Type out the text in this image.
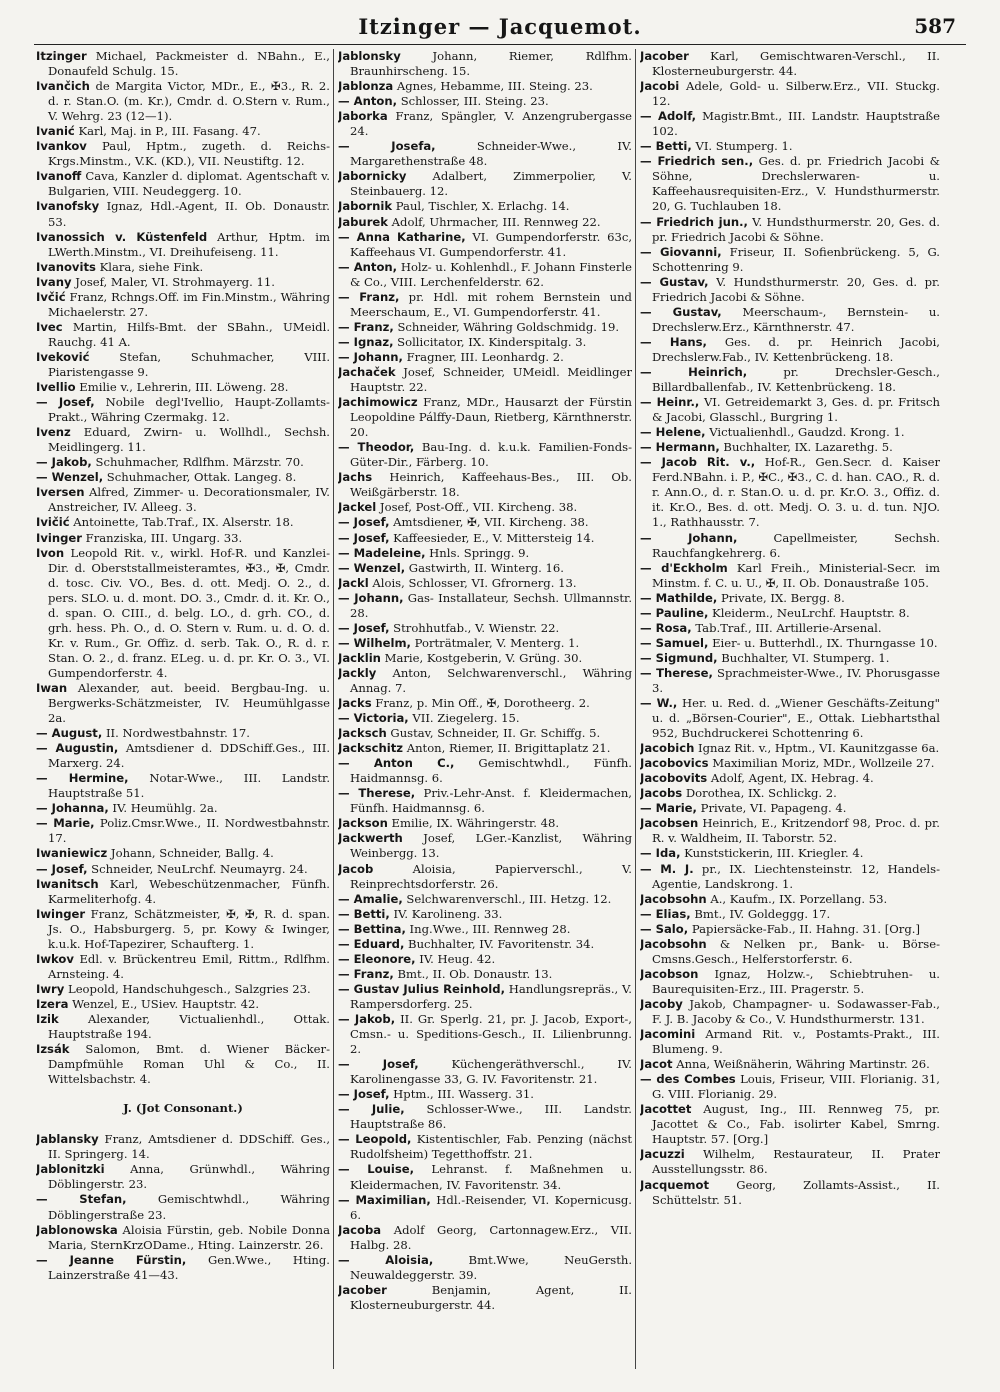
Itzinger — Jacquemot.	587

Itzinger Michael, Packmeister d. NBahn., E., Donaufeld Schulg. 15.

Ivančich de Margita Victor, MDr., E., ✠3., R. 2. d. r. Stan.O. (m. Kr.), Cmdr. d. O.Stern v. Rum., V. Wehrg. 23 (12—1).

Ivanić Karl, Maj. in P., III. Fasang. 47.

Ivankov Paul, Hptm., zugeth. d. Reichs-Krgs.Minstm., V.K. (KD.), VII. Neustiftg. 12.

Ivanoff Cava, Kanzler d. diplomat. Agentschaft v. Bulgarien, VIII. Neudeggerg. 10.

Ivanofsky Ignaz, Hdl.-Agent, II. Ob. Donaustr. 53.

Ivanossich v. Küstenfeld Arthur, Hptm. im LWerth.Minstm., VI. Dreihufeiseng. 11.

Ivanovits Klara, siehe Fink.

Ivany Josef, Maler, VI. Strohmayerg. 11.

Ivčić Franz, Rchngs.Off. im Fin.Minstm., Währing Michaelerstr. 27.

Ivec Martin, Hilfs-Bmt. der SBahn., UMeidl. Rauchg. 41 A.

Iveković Stefan, Schuhmacher, VIII. Piaristengasse 9.

Ivellio Emilie v., Lehrerin, III. Löweng. 28.

— Josef, Nobile degl'Ivellio, Haupt-Zollamts-Prakt., Währing Czermakg. 12.

Ivenz Eduard, Zwirn- u. Wollhdl., Sechsh. Meidlingerg. 11.

— Jakob, Schuhmacher, Rdlfhm. Märzstr. 70.

— Wenzel, Schuhmacher, Ottak. Langeg. 8.

Iversen Alfred, Zimmer- u. Decorationsmaler, IV. Anstreicher, IV. Alleeg. 3.

Ivičić Antoinette, Tab.Traf., IX. Alserstr. 18.

Ivinger Franziska, III. Ungarg. 33.

Ivon Leopold Rit. v., wirkl. Hof-R. und Kanzlei-Dir. d. Oberststallmeisteramtes, ✠3., ✠, Cmdr. d. tosc. Civ. VO., Bes. d. ott. Medj. O. 2., d. pers. SLO. u. d. mont. DO. 3., Cmdr. d. it. Kr. O., d. span. O. CIII., d. belg. LO., d. grh. CO., d. grh. hess. Ph. O., d. O. Stern v. Rum. u. d. O. d. Kr. v. Rum., Gr. Offiz. d. serb. Tak. O., R. d. r. Stan. O. 2., d. franz. ELeg. u. d. pr. Kr. O. 3., VI. Gumpendorferstr. 4.

Iwan Alexander, aut. beeid. Bergbau-Ing. u. Bergwerks-Schätzmeister, IV. Heumühlgasse 2a.

— August, II. Nordwestbahnstr. 17.

— Augustin, Amtsdiener d. DDSchiff.Ges., III. Marxerg. 24.

— Hermine, Notar-Wwe., III. Landstr. Hauptstraße 51.

— Johanna, IV. Heumühlg. 2a.

— Marie, Poliz.Cmsr.Wwe., II. Nordwestbahnstr. 17.

Iwaniewicz Johann, Schneider, Ballg. 4.

— Josef, Schneider, NeuLrchf. Neumayrg. 24.

Iwanitsch Karl, Webeschützenmacher, Fünfh. Karmeliterhofg. 4.

Iwinger Franz, Schätzmeister, ✠, ✠, R. d. span. Js. O., Habsburgerg. 5, pr. Kowy & Iwinger, k.u.k. Hof-Tapezirer, Schaufterg. 1.

Iwkov Edl. v. Brückentreu Emil, Rittm., Rdlfhm. Arnsteing. 4.

Iwry Leopold, Handschuhgesch., Salzgries 23.

Izera Wenzel, E., USiev. Hauptstr. 42.

Izik Alexander, Victualienhdl., Ottak. Hauptstraße 194.

Izsák Salomon, Bmt. d. Wiener Bäcker-Dampfmühle Roman Uhl & Co., II. Wittelsbachstr. 4.

J. (Jot Consonant.)

Jablansky Franz, Amtsdiener d. DDSchiff. Ges., II. Springerg. 14.

Jablonitzki Anna, Grünwhdl., Währing Döblingerstr. 23.

— Stefan, Gemischtwhdl., Währing Döblingerstraße 23.

Jablonowska Aloisia Fürstin, geb. Nobile Donna Maria, SternKrzODame., Hting. Lainzerstr. 26.

— Jeanne Fürstin, Gen.Wwe., Hting. Lainzerstraße 41—43.

Jablonsky Johann, Riemer, Rdlfhm. Braunhirscheng. 15.

Jablonza Agnes, Hebamme, III. Steing. 23.

— Anton, Schlosser, III. Steing. 23.

Jaborka Franz, Spängler, V. Anzengrubergasse 24.

— Josefa, Schneider-Wwe., IV. Margarethenstraße 48.

Jabornicky Adalbert, Zimmerpolier, V. Steinbauerg. 12.

Jabornik Paul, Tischler, X. Erlachg. 14.

Jaburek Adolf, Uhrmacher, III. Rennweg 22.

— Anna Katharine, VI. Gumpendorferstr. 63c, Kaffeehaus VI. Gumpendorferstr. 41.

— Anton, Holz- u. Kohlenhdl., F. Johann Finsterle & Co., VIII. Lerchenfelderstr. 62.

— Franz, pr. Hdl. mit rohem Bernstein und Meerschaum, E., VI. Gumpendorferstr. 41.

— Franz, Schneider, Währing Goldschmidg. 19.

— Ignaz, Sollicitator, IX. Kinderspitalg. 3.

— Johann, Fragner, III. Leonhardg. 2.

Jachaček Josef, Schneider, UMeidl. Meidlinger Hauptstr. 22.

Jachimowicz Franz, MDr., Hausarzt der Fürstin Leopoldine Pálffy-Daun, Rietberg, Kärnthnerstr. 20.

— Theodor, Bau-Ing. d. k.u.k. Familien-Fonds-Güter-Dir., Färberg. 10.

Jachs Heinrich, Kaffeehaus-Bes., III. Ob. Weißgärberstr. 18.

Jackel Josef, Post-Off., VII. Kircheng. 38.

— Josef, Amtsdiener, ✠, VII. Kircheng. 38.

— Josef, Kaffeesieder, E., V. Mittersteig 14.

— Madeleine, Hnls. Springg. 9.

— Wenzel, Gastwirth, II. Winterg. 16.

Jackl Alois, Schlosser, VI. Gfrornerg. 13.

— Johann, Gas- Installateur, Sechsh. Ullmannstr. 28.

— Josef, Strohhutfab., V. Wienstr. 22.

— Wilhelm, Porträtmaler, V. Menterg. 1.

Jacklin Marie, Kostgeberin, V. Grüng. 30.

Jackly Anton, Selchwarenverschl., Währing Annag. 7.

Jacks Franz, p. Min Off., ✠, Dorotheerg. 2.

— Victoria, VII. Ziegelerg. 15.

Jacksch Gustav, Schneider, II. Gr. Schiffg. 5.

Jackschitz Anton, Riemer, II. Brigittaplatz 21.

— Anton C., Gemischtwhdl., Fünfh. Haidmannsg. 6.

— Therese, Priv.-Lehr-Anst. f. Kleidermachen, Fünfh. Haidmannsg. 6.

Jackson Emilie, IX. Währingerstr. 48.

Jackwerth Josef, LGer.-Kanzlist, Währing Weinbergg. 13.

Jacob Aloisia, Papierverschl., V. Reinprechtsdorferstr. 26.

— Amalie, Selchwarenverschl., III. Hetzg. 12.

— Betti, IV. Karolineng. 33.

— Bettina, Ing.Wwe., III. Rennweg 28.

— Eduard, Buchhalter, IV. Favoritenstr. 34.

— Eleonore, IV. Heug. 42.

— Franz, Bmt., II. Ob. Donaustr. 13.

— Gustav Julius Reinhold, Handlungsrepräs., V. Rampersdorferg. 25.

— Jakob, II. Gr. Sperlg. 21, pr. J. Jacob, Export-, Cmsn.- u. Speditions-Gesch., II. Lilienbrunng. 2.

— Josef, Küchengeräthverschl., IV. Karolinengasse 33, G. IV. Favoritenstr. 21.

— Josef, Hptm., III. Wasserg. 31.

— Julie, Schlosser-Wwe., III. Landstr. Hauptstraße 86.

— Leopold, Kistentischler, Fab. Penzing (nächst Rudolfsheim) Tegetthoffstr. 21.

— Louise, Lehranst. f. Maßnehmen u. Kleidermachen, IV. Favoritenstr. 34.

— Maximilian, Hdl.-Reisender, VI. Kopernicusg. 6.

Jacoba Adolf Georg, Cartonnagew.Erz., VII. Halbg. 28.

— Aloisia, Bmt.Wwe, NeuGersth. Neuwaldeggerstr. 39.

Jacober Benjamin, Agent, II. Klosterneuburgerstr. 44.

Jacober Karl, Gemischtwaren-Verschl., II. Klosterneuburgerstr. 44.

Jacobi Adele, Gold- u. Silberw.Erz., VII. Stuckg. 12.

— Adolf, Magistr.Bmt., III. Landstr. Hauptstraße 102.

— Betti, VI. Stumperg. 1.

— Friedrich sen., Ges. d. pr. Friedrich Jacobi & Söhne, Drechslerwaren- u. Kaffeehausrequisiten-Erz., V. Hundsthurmerstr. 20, G. Tuchlauben 18.

— Friedrich jun., V. Hundsthurmerstr. 20, Ges. d. pr. Friedrich Jacobi & Söhne.

— Giovanni, Friseur, II. Sofienbrückeng. 5, G. Schottenring 9.

— Gustav, V. Hundsthurmerstr. 20, Ges. d. pr. Friedrich Jacobi & Söhne.

— Gustav, Meerschaum-, Bernstein- u. Drechslerw.Erz., Kärnthnerstr. 47.

— Hans, Ges. d. pr. Heinrich Jacobi, Drechslerw.Fab., IV. Kettenbrückeng. 18.

— Heinrich, pr. Drechsler-Gesch., Billardballenfab., IV. Kettenbrückeng. 18.

— Heinr., VI. Getreidemarkt 3, Ges. d. pr. Fritsch & Jacobi, Glasschl., Burgring 1.

— Helene, Victualienhdl., Gaudzd. Krong. 1.

— Hermann, Buchhalter, IX. Lazarethg. 5.

— Jacob Rit. v., Hof-R., Gen.Secr. d. Kaiser Ferd.NBahn. i. P., ✠C., ✠3., C. d. han. CAO., R. d. r. Ann.O., d. r. Stan.O. u. d. pr. Kr.O. 3., Offiz. d. it. Kr.O., Bes. d. ott. Medj. O. 3. u. d. tun. NJO. 1., Rathhausstr. 7.

— Johann, Capellmeister, Sechsh. Rauchfangkehrerg. 6.

— d'Eckholm Karl Freih., Ministerial-Secr. im Minstm. f. C. u. U., ✠, II. Ob. Donaustraße 105.

— Mathilde, Private, IX. Bergg. 8.

— Pauline, Kleiderm., NeuLrchf. Hauptstr. 8.

— Rosa, Tab.Traf., III. Artillerie-Arsenal.

— Samuel, Eier- u. Butterhdl., IX. Thurngasse 10.

— Sigmund, Buchhalter, VI. Stumperg. 1.

— Therese, Sprachmeister-Wwe., IV. Phorusgasse 3.

— W., Her. u. Red. d. „Wiener Geschäfts-Zeitung" u. d. „Börsen-Courier", E., Ottak. Liebhartsthal 952, Buchdruckerei Schottenring 6.

Jacobich Ignaz Rit. v., Hptm., VI. Kaunitzgasse 6a.

Jacobovics Maximilian Moriz, MDr., Wollzeile 27.

Jacobovits Adolf, Agent, IX. Hebrag. 4.

Jacobs Dorothea, IX. Schlickg. 2.

— Marie, Private, VI. Papageng. 4.

Jacobsen Heinrich, E., Kritzendorf 98, Proc. d. pr. R. v. Waldheim, II. Taborstr. 52.

— Ida, Kunststickerin, III. Kriegler. 4.

— M. J. pr., IX. Liechtensteinstr. 12, Handels-Agentie, Landskrong. 1.

Jacobsohn A., Kaufm., IX. Porzellang. 53.

— Elias, Bmt., IV. Goldeggg. 17.

— Salo, Papiersäcke-Fab., II. Hahng. 31. [Org.]

Jacobsohn & Nelken pr., Bank- u. Börse-Cmsns.Gesch., Helferstorferstr. 6.

Jacobson Ignaz, Holzw.-, Schiebtruhen- u. Baurequisiten-Erz., III. Pragerstr. 5.

Jacoby Jakob, Champagner- u. Sodawasser-Fab., F. J. B. Jacoby & Co., V. Hundsthurmerstr. 131.

Jacomini Armand Rit. v., Postamts-Prakt., III. Blumeng. 9.

Jacot Anna, Weißnäherin, Währing Martinstr. 26.

— des Combes Louis, Friseur, VIII. Florianig. 31, G. VIII. Florianig. 29.

Jacottet August, Ing., III. Rennweg 75, pr. Jacottet & Co., Fab. isolirter Kabel, Smrng. Hauptstr. 57. [Org.]

Jacuzzi Wilhelm, Restaurateur, II. Prater Ausstellungsstr. 86.

Jacquemot Georg, Zollamts-Assist., II. Schüttelstr. 51.
